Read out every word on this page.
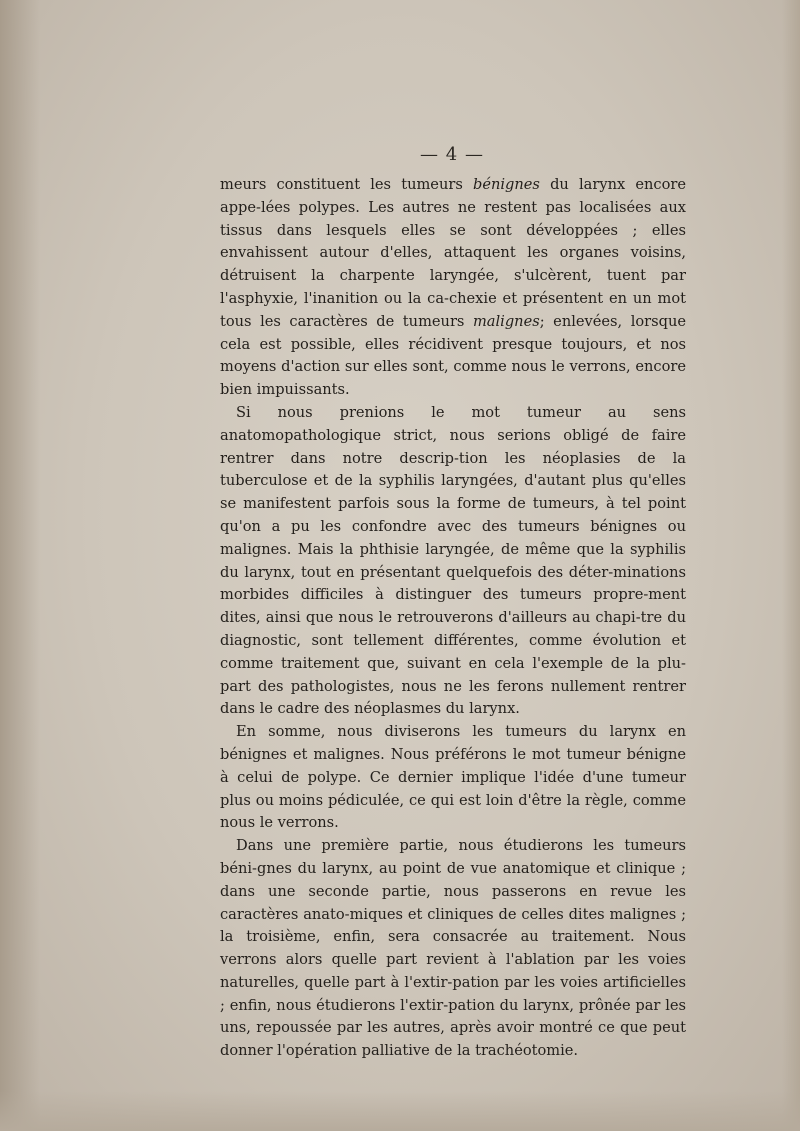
— 4 —

meurs constituent les tumeurs bénignes du larynx encore appe-lées polypes. Les autres ne restent pas localisées aux tissus dans lesquels elles se sont développées ; elles envahissent autour d'elles, attaquent les organes voisins, détruisent la charpente laryngée, s'ulcèrent, tuent par l'asphyxie, l'inanition ou la ca-chexie et présentent en un mot tous les caractères de tumeurs malignes; enlevées, lorsque cela est possible, elles récidivent presque toujours, et nos moyens d'action sur elles sont, comme nous le verrons, encore bien impuissants.

Si nous prenions le mot tumeur au sens anatomopathologique strict, nous serions obligé de faire rentrer dans notre descrip-tion les néoplasies de la tuberculose et de la syphilis laryngées, d'autant plus qu'elles se manifestent parfois sous la forme de tumeurs, à tel point qu'on a pu les confondre avec des tumeurs bénignes ou malignes. Mais la phthisie laryngée, de même que la syphilis du larynx, tout en présentant quelquefois des déter-minations morbides difficiles à distinguer des tumeurs propre-ment dites, ainsi que nous le retrouverons d'ailleurs au chapi-tre du diagnostic, sont tellement différentes, comme évolution et comme traitement que, suivant en cela l'exemple de la plu-part des pathologistes, nous ne les ferons nullement rentrer dans le cadre des néoplasmes du larynx.

En somme, nous diviserons les tumeurs du larynx en bénignes et malignes. Nous préférons le mot tumeur bénigne à celui de polype. Ce dernier implique l'idée d'une tumeur plus ou moins pédiculée, ce qui est loin d'être la règle, comme nous le verrons.

Dans une première partie, nous étudierons les tumeurs béni-gnes du larynx, au point de vue anatomique et clinique ; dans une seconde partie, nous passerons en revue les caractères anato-miques et cliniques de celles dites malignes ; la troisième, enfin, sera consacrée au traitement. Nous verrons alors quelle part revient à l'ablation par les voies naturelles, quelle part à l'extir-pation par les voies artificielles ; enfin, nous étudierons l'extir-pation du larynx, prônée par les uns, repoussée par les autres, après avoir montré ce que peut donner l'opération palliative de la trachéotomie.
